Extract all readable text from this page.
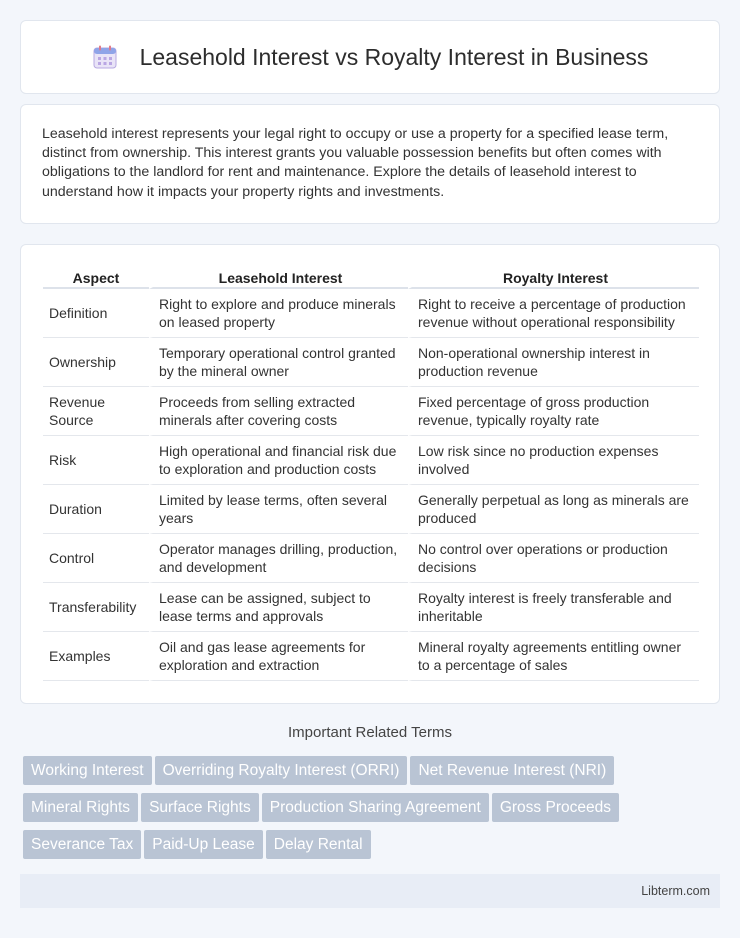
Leasehold Interest vs Royalty Interest in Business

Leasehold interest represents your legal right to occupy or use a property for a specified lease term, distinct from ownership. This interest grants you valuable possession benefits but often comes with obligations to the landlord for rent and maintenance. Explore the details of leasehold interest to understand how it impacts your property rights and investments.

Aspect	Leasehold Interest	Royalty Interest
Definition	Right to explore and produce minerals on leased property	Right to receive a percentage of production revenue without operational responsibility
Ownership	Temporary operational control granted by the mineral owner	Non-operational ownership interest in production revenue
Revenue Source	Proceeds from selling extracted minerals after covering costs	Fixed percentage of gross production revenue, typically royalty rate
Risk	High operational and financial risk due to exploration and production costs	Low risk since no production expenses involved
Duration	Limited by lease terms, often several years	Generally perpetual as long as minerals are produced
Control	Operator manages drilling, production, and development	No control over operations or production decisions
Transferability	Lease can be assigned, subject to lease terms and approvals	Royalty interest is freely transferable and inheritable
Examples	Oil and gas lease agreements for exploration and extraction	Mineral royalty agreements entitling owner to a percentage of sales
Important Related Terms
Working Interest Overriding Royalty Interest (ORRI) Net Revenue Interest (NRI)
Mineral Rights Surface Rights Production Sharing Agreement Gross Proceeds
Severance Tax Paid-Up Lease Delay Rental
Libterm.com
